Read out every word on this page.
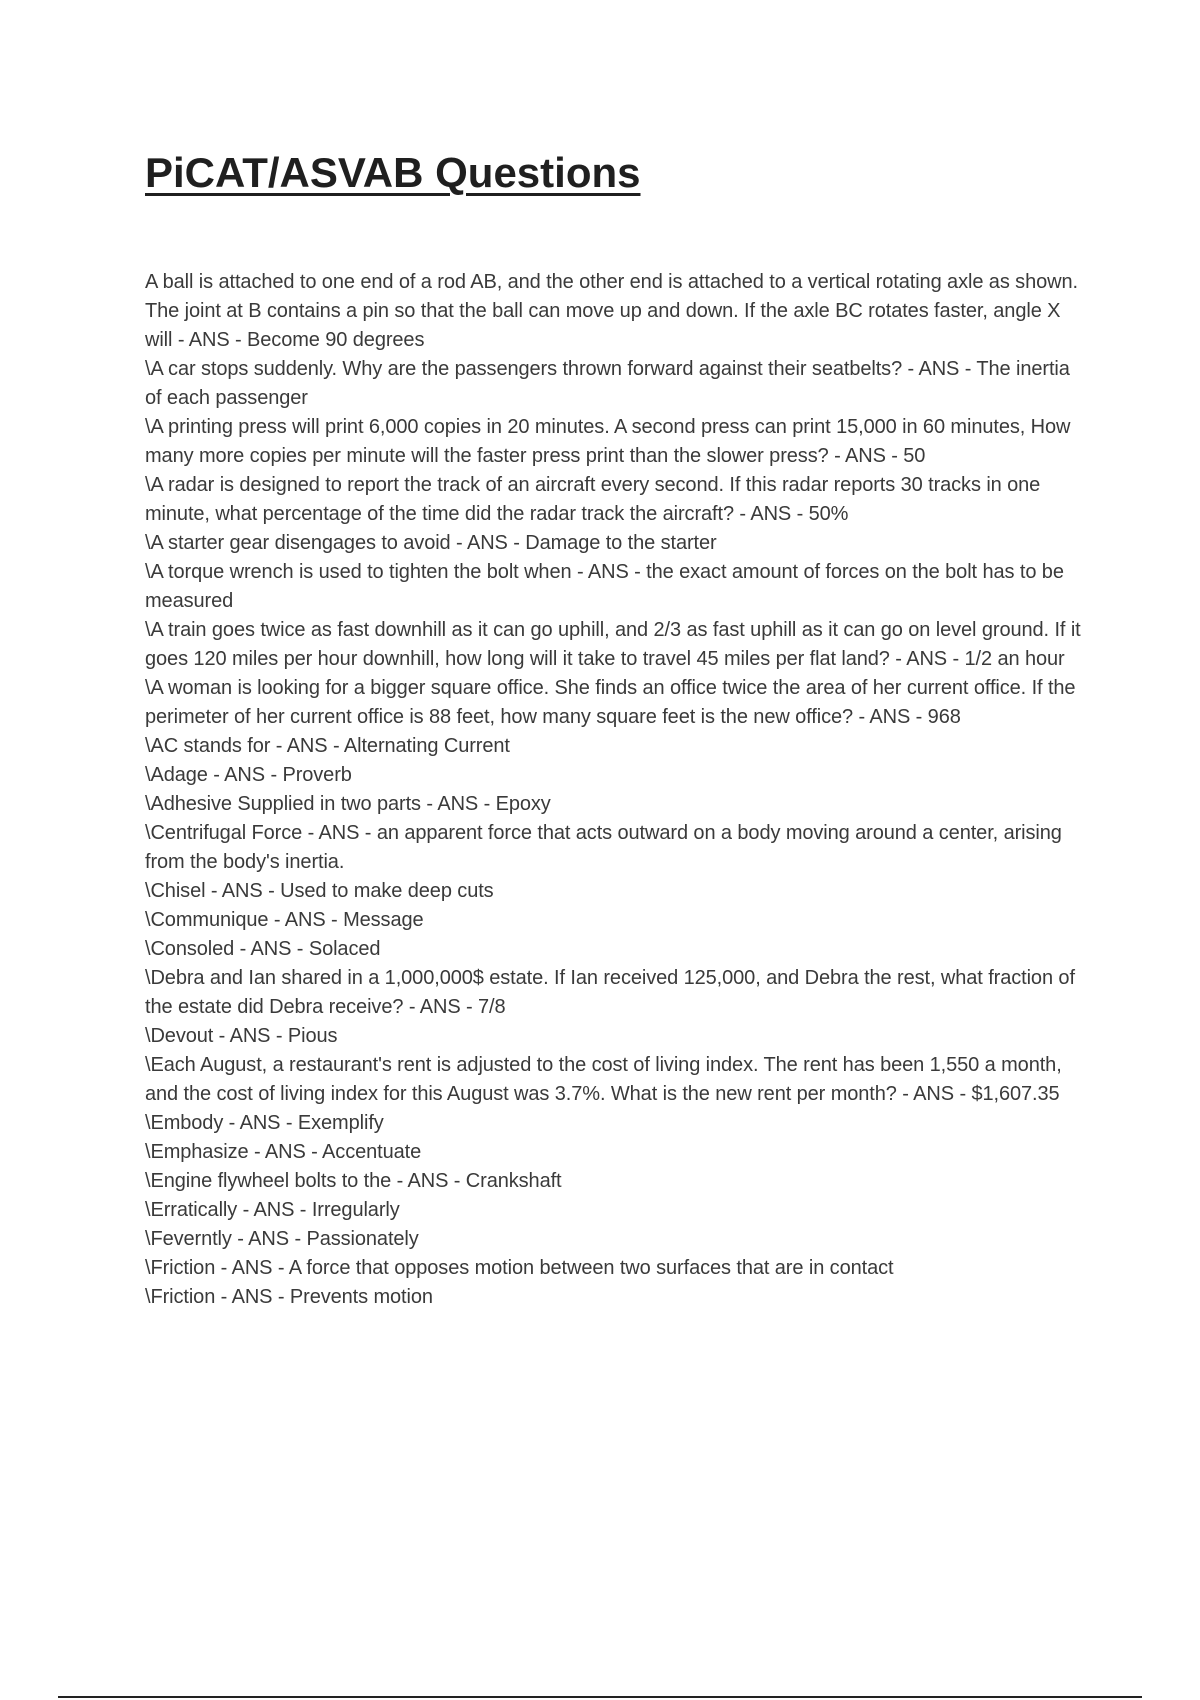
PiCAT/ASVAB Questions
A ball is attached to one end of a rod AB, and the other end is attached to a vertical rotating axle as shown. The joint at B contains a pin so that the ball can move up and down. If the axle BC rotates faster, angle X will - ANS - Become 90 degrees
\A car stops suddenly. Why are the passengers thrown forward against their seatbelts? - ANS - The inertia of each passenger
\A printing press will print 6,000 copies in 20 minutes. A second press can print 15,000 in 60 minutes, How many more copies per minute will the faster press print than the slower press? - ANS - 50
\A radar is designed to report the track of an aircraft every second. If this radar reports 30 tracks in one minute, what percentage of the time did the radar track the aircraft? - ANS - 50%
\A starter gear disengages to avoid - ANS - Damage to the starter
\A torque wrench is used to tighten the bolt when - ANS - the exact amount of forces on the bolt has to be measured
\A train goes twice as fast downhill as it can go uphill, and 2/3 as fast uphill as it can go on level ground. If it goes 120 miles per hour downhill, how long will it take to travel 45 miles per flat land? - ANS - 1/2 an hour
\A woman is looking for a bigger square office. She finds an office twice the area of her current office. If the perimeter of her current office is 88 feet, how many square feet is the new office? - ANS - 968
\AC stands for - ANS - Alternating Current
\Adage - ANS - Proverb
\Adhesive Supplied in two parts - ANS - Epoxy
\Centrifugal Force - ANS - an apparent force that acts outward on a body moving around a center, arising from the body's inertia.
\Chisel - ANS - Used to make deep cuts
\Communique - ANS - Message
\Consoled - ANS - Solaced
\Debra and Ian shared in a 1,000,000$ estate. If Ian received 125,000, and Debra the rest, what fraction of the estate did Debra receive? - ANS - 7/8
\Devout - ANS - Pious
\Each August, a restaurant's rent is adjusted to the cost of living index. The rent has been 1,550 a month, and the cost of living index for this August was 3.7%. What is the new rent per month? - ANS - $1,607.35
\Embody - ANS - Exemplify
\Emphasize - ANS - Accentuate
\Engine flywheel bolts to the - ANS - Crankshaft
\Erratically - ANS - Irregularly
\Feverntly - ANS - Passionately
\Friction - ANS - A force that opposes motion between two surfaces that are in contact
\Friction - ANS - Prevents motion
